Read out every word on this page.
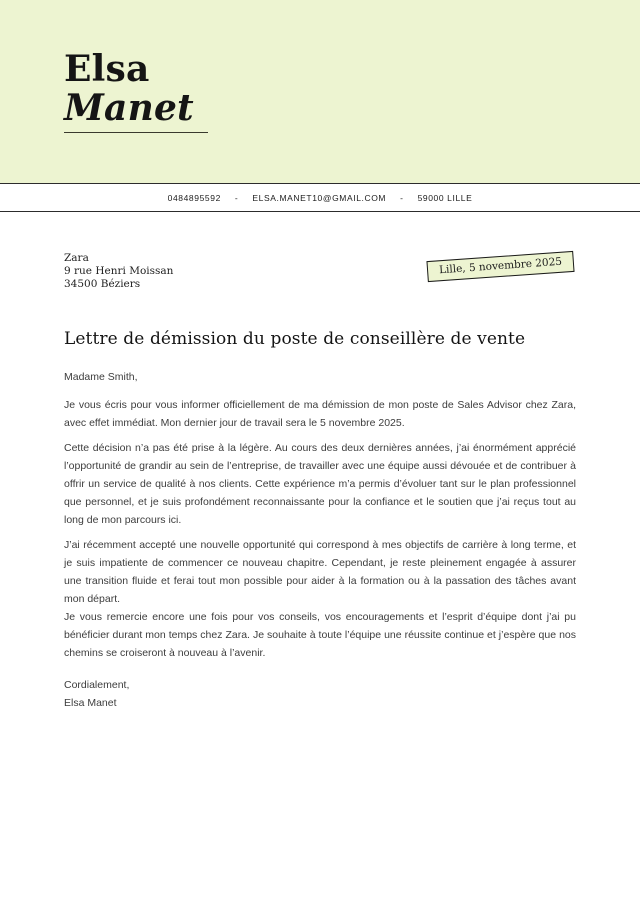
Elsa
Manet
0484895592 - ELSA.MANET10@GMAIL.COM - 59000 LILLE
Zara
9 rue Henri Moissan
34500 Béziers
Lille, 5 novembre 2025
Lettre de démission du poste de conseillère de vente
Madame Smith,

Je vous écris pour vous informer officiellement de ma démission de mon poste de Sales Advisor chez Zara, avec effet immédiat. Mon dernier jour de travail sera le 5 novembre 2025.

Cette décision n’a pas été prise à la légère. Au cours des deux dernières années, j’ai énormément apprécié l’opportunité de grandir au sein de l’entreprise, de travailler avec une équipe aussi dévouée et de contribuer à offrir un service de qualité à nos clients. Cette expérience m’a permis d’évoluer tant sur le plan professionnel que personnel, et je suis profondément reconnaissante pour la confiance et le soutien que j’ai reçus tout au long de mon parcours ici.

J’ai récemment accepté une nouvelle opportunité qui correspond à mes objectifs de carrière à long terme, et je suis impatiente de commencer ce nouveau chapitre. Cependant, je reste pleinement engagée à assurer une transition fluide et ferai tout mon possible pour aider à la formation ou à la passation des tâches avant mon départ.

Je vous remercie encore une fois pour vos conseils, vos encouragements et l’esprit d’équipe dont j’ai pu bénéficier durant mon temps chez Zara. Je souhaite à toute l’équipe une réussite continue et j’espère que nos chemins se croiseront à nouveau à l’avenir.

Cordialement,
Elsa Manet
